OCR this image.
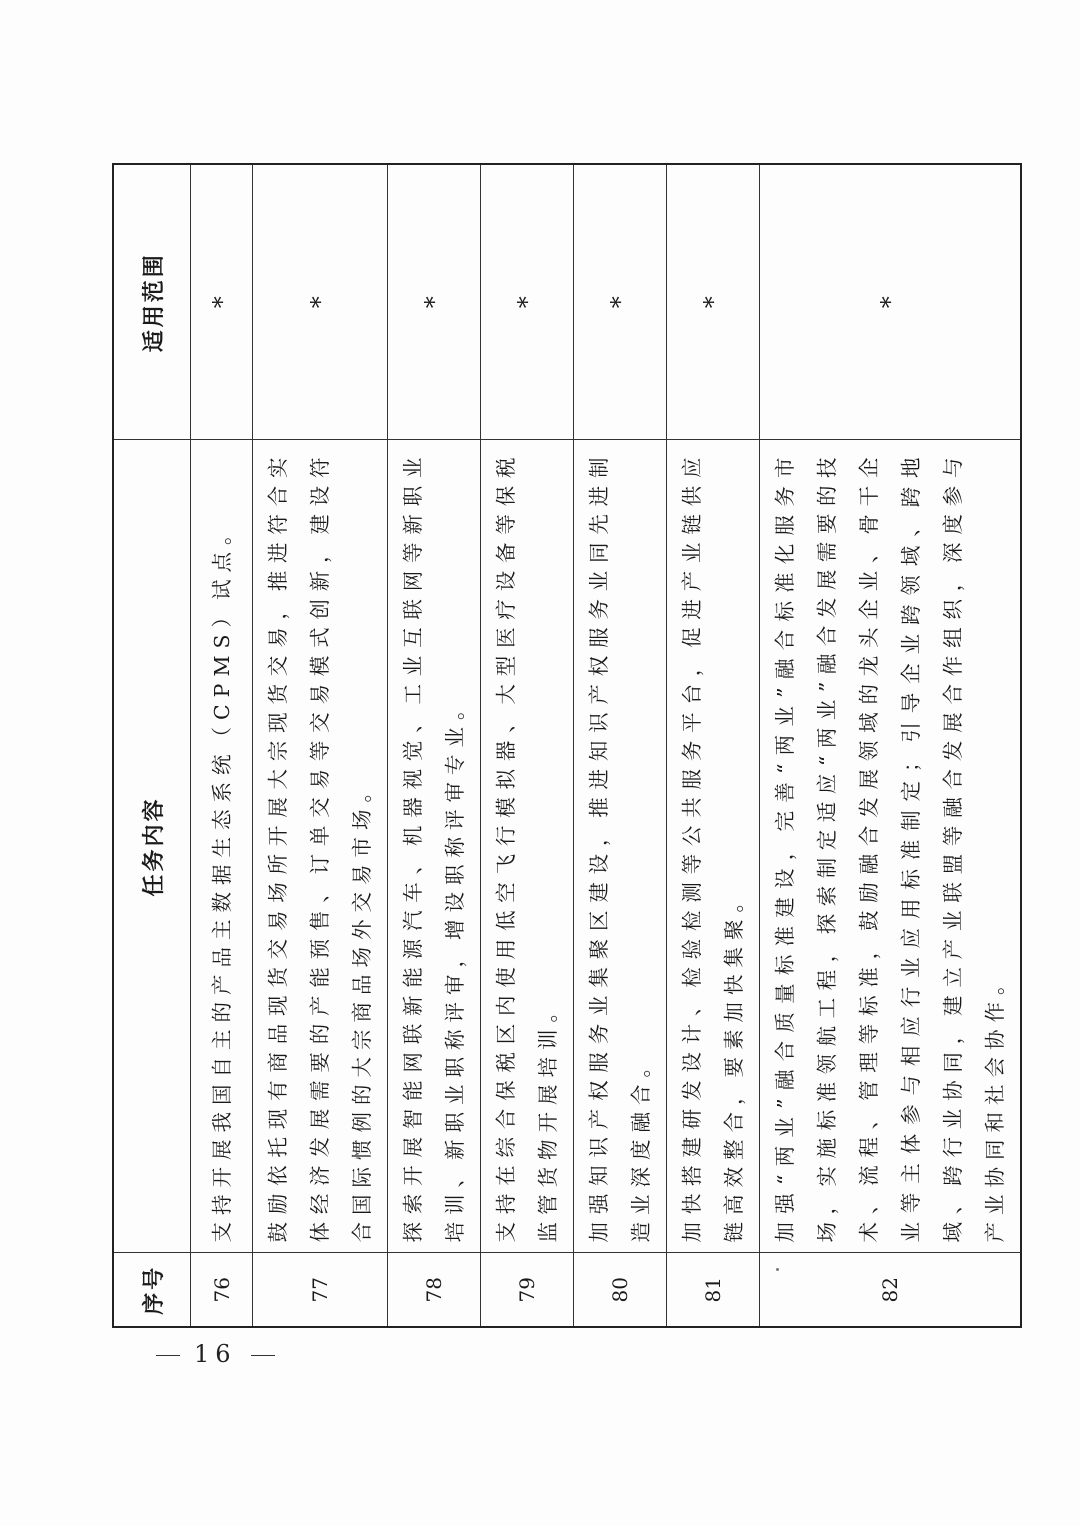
序号	任务内容	适用范围
76	支持开展我国自主的产品主数据生态系统（CPMS）试点。	*
77	鼓励依托现有商品现货交易场所开展大宗现货交易，推进符合实体经济发展需要的产能预售、订单交易等交易模式创新，建设符合国际惯例的大宗商品场外交易市场。	*
78	探索开展智能网联新能源汽车、机器视觉、工业互联网等新职业培训、新职业职称评审，增设职称评审专业。	*
79	支持在综合保税区内使用低空飞行模拟器、大型医疗设备等保税监管货物开展培训。	*
80	加强知识产权服务业集聚区建设，推进知识产权服务业同先进制造业深度融合。	*
81	加快搭建研发设计、检验检测等公共服务平台，促进产业链供应链高效整合，要素加快集聚。	*
82	加强“两业”融合质量标准建设，完善“两业”融合标准化服务市场，实施标准领航工程，探索制定适应“两业”融合发展需要的技术、流程、管理等标准，鼓励融合发展领域的龙头企业、骨干企业等主体参与相应行业应用标准制定；引导企业跨领域、跨地域、跨行业协同，建立产业联盟等融合发展合作组织，深度参与产业协同和社会协作。	*
16
